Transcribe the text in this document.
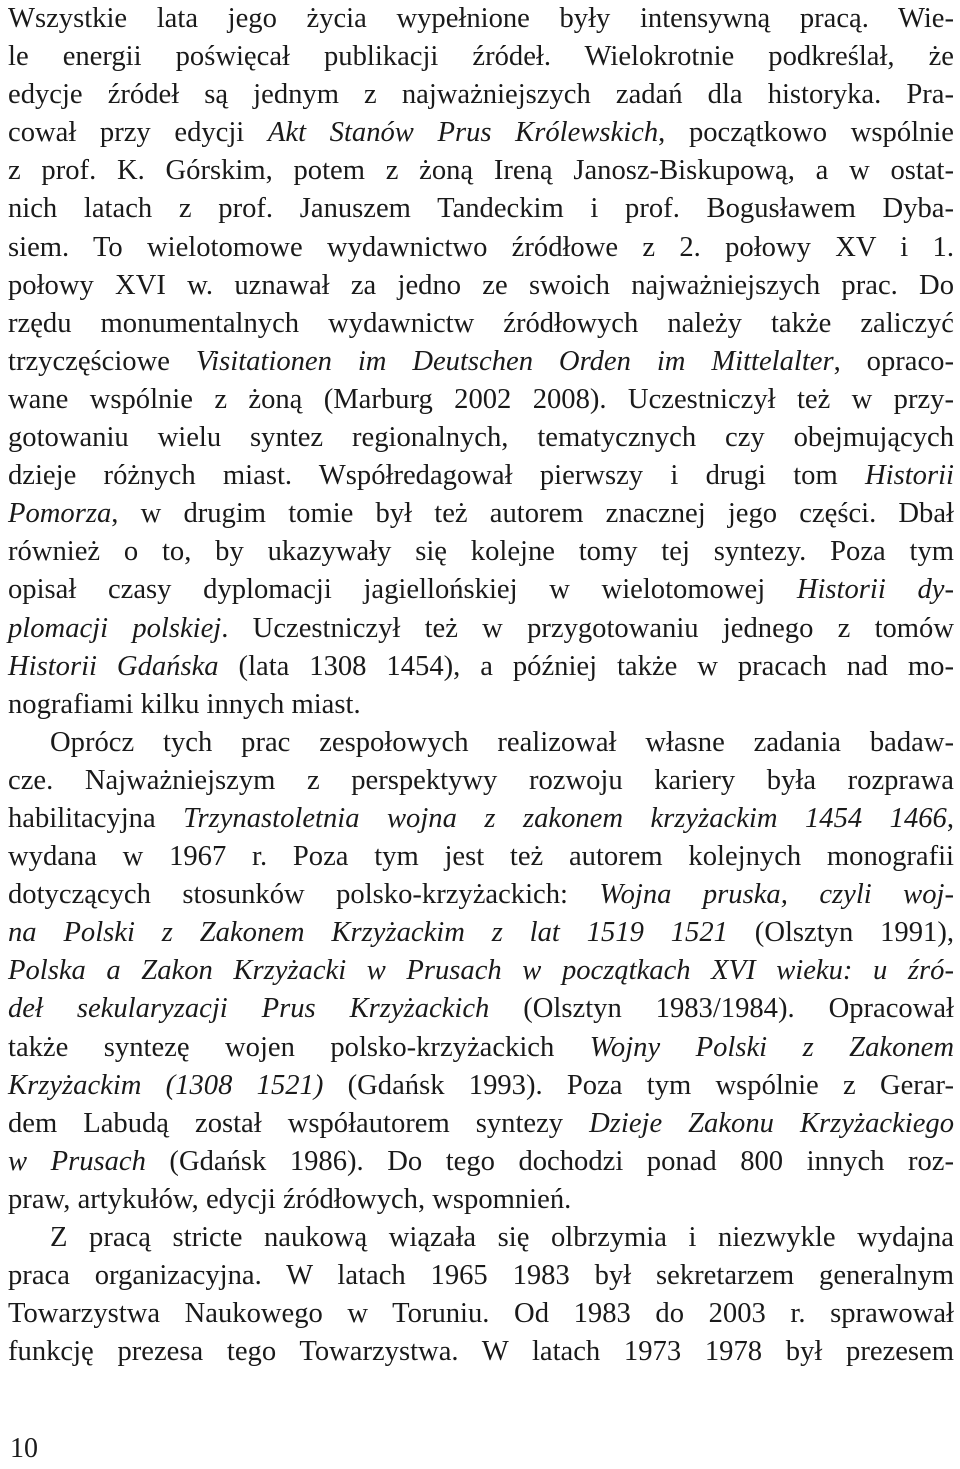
Wszystkie lata jego życia wypełnione były intensywną pracą. Wie-
le energii poświęcał publikacji źródeł. Wielokrotnie podkreślał, że
edycje źródeł są jednym z najważniejszych zadań dla historyka. Pra-
cował przy edycji Akt Stanów Prus Królewskich, początkowo wspólnie
z prof. K. Górskim, potem z żoną Ireną Janosz-Biskupową, a w ostat-
nich latach z prof. Januszem Tandeckim i prof. Bogusławem Dyba-
siem. To wielotomowe wydawnictwo źródłowe z 2. połowy XV i 1.
połowy XVI w. uznawał za jedno ze swoich najważniejszych prac. Do
rzędu monumentalnych wydawnictw źródłowych należy także zaliczyć
trzyczęściowe Visitationen im Deutschen Orden im Mittelalter, opraco-
wane wspólnie z żoną (Marburg 2002 2008). Uczestniczył też w przy-
gotowaniu wielu syntez regionalnych, tematycznych czy obejmujących
dzieje różnych miast. Współredagował pierwszy i drugi tom Historii
Pomorza, w drugim tomie był też autorem znacznej jego części. Dbał
również o to, by ukazywały się kolejne tomy tej syntezy. Poza tym
opisał czasy dyplomacji jagiellońskiej w wielotomowej Historii dy-
plomacji polskiej. Uczestniczył też w przygotowaniu jednego z tomów
Historii Gdańska (lata 1308 1454), a później także w pracach nad mo-
nografiami kilku innych miast.
Oprócz tych prac zespołowych realizował własne zadania badaw-
cze. Najważniejszym z perspektywy rozwoju kariery była rozprawa
habilitacyjna Trzynastoletnia wojna z zakonem krzyżackim 1454 1466,
wydana w 1967 r. Poza tym jest też autorem kolejnych monografii
dotyczących stosunków polsko-krzyżackich: Wojna pruska, czyli woj-
na Polski z Zakonem Krzyżackim z lat 1519 1521 (Olsztyn 1991),
Polska a Zakon Krzyżacki w Prusach w początkach XVI wieku: u źró-
deł sekularyzacji Prus Krzyżackich (Olsztyn 1983/1984). Opracował
także syntezę wojen polsko-krzyżackich Wojny Polski z Zakonem
Krzyżackim (1308 1521) (Gdańsk 1993). Poza tym wspólnie z Gerar-
dem Labudą został współautorem syntezy Dzieje Zakonu Krzyżackiego
w Prusach (Gdańsk 1986). Do tego dochodzi ponad 800 innych roz-
praw, artykułów, edycji źródłowych, wspomnień.
Z pracą stricte naukową wiązała się olbrzymia i niezwykle wydajna
praca organizacyjna. W latach 1965 1983 był sekretarzem generalnym
Towarzystwa Naukowego w Toruniu. Od 1983 do 2003 r. sprawował
funkcję prezesa tego Towarzystwa. W latach 1973 1978 był prezesem
10
